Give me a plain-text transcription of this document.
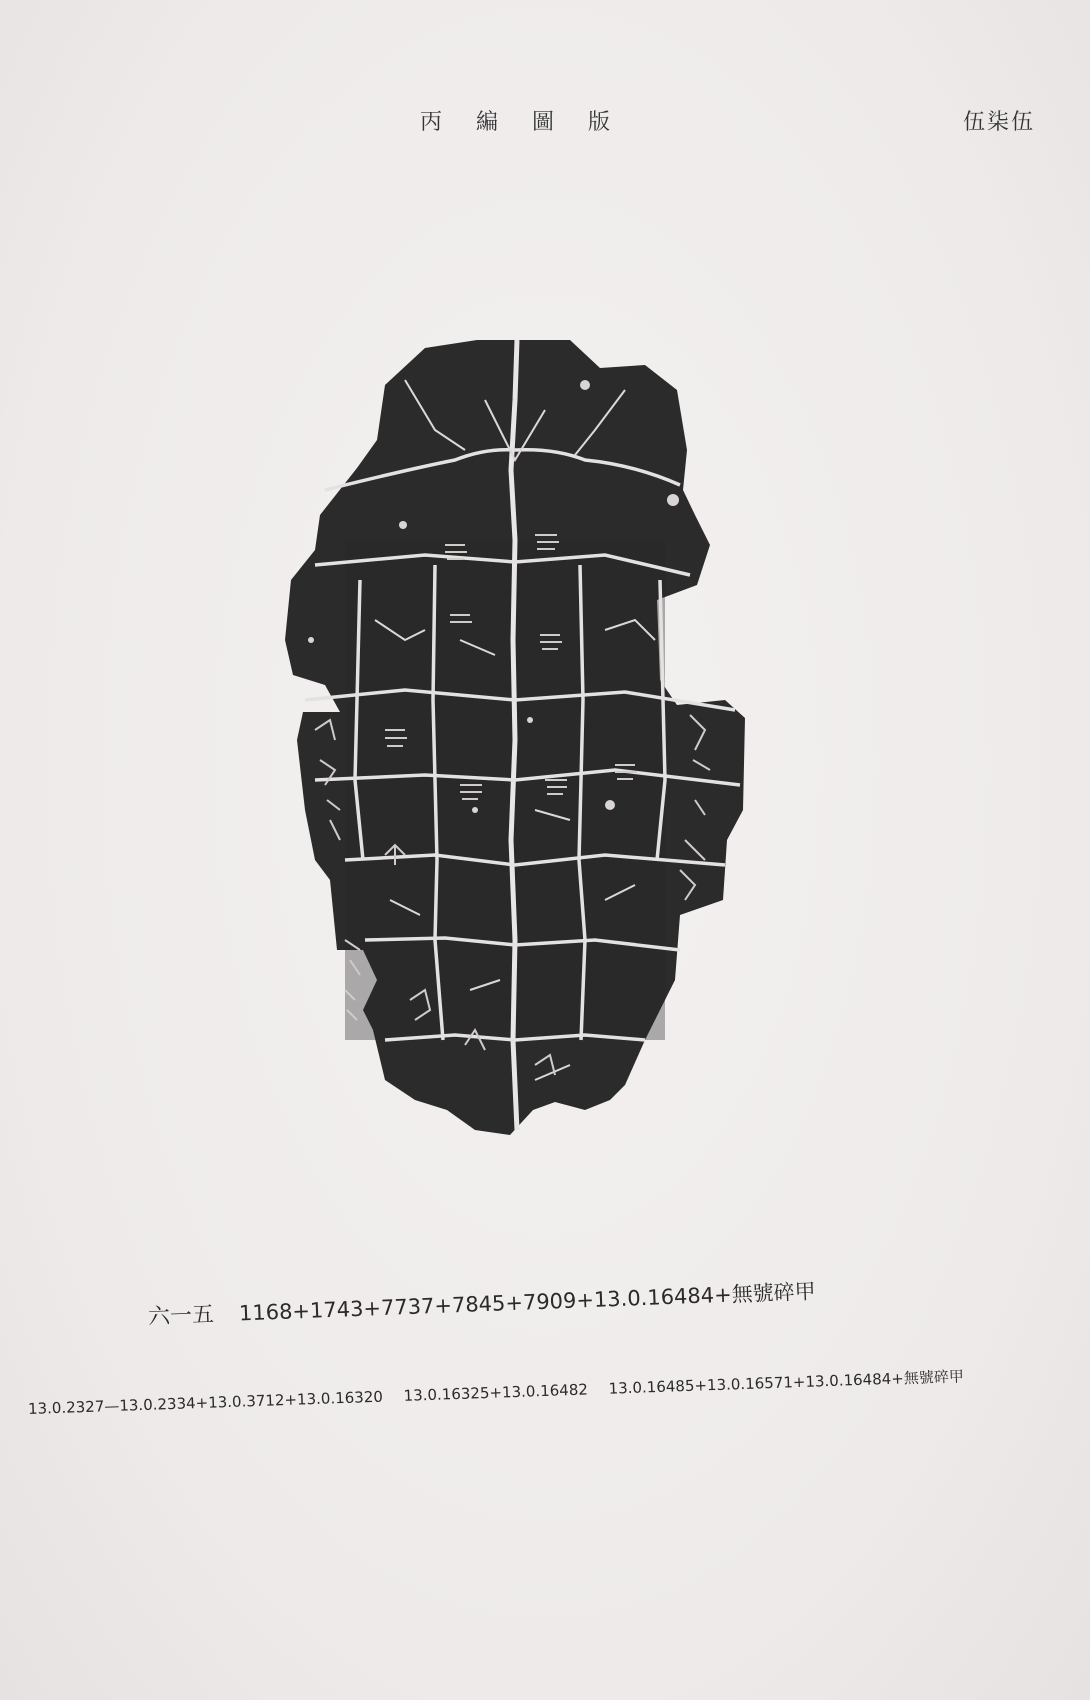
丙編圖版	伍柒伍
六一五 1168+1743+7737+7845+7909+13.0.16484+無號碎甲
13.0.2327—13.0.2334+13.0.3712+13.0.16320 13.0.16325+13.0.16482 13.0.16485+13.0.16571+13.0.16484+無號碎甲
